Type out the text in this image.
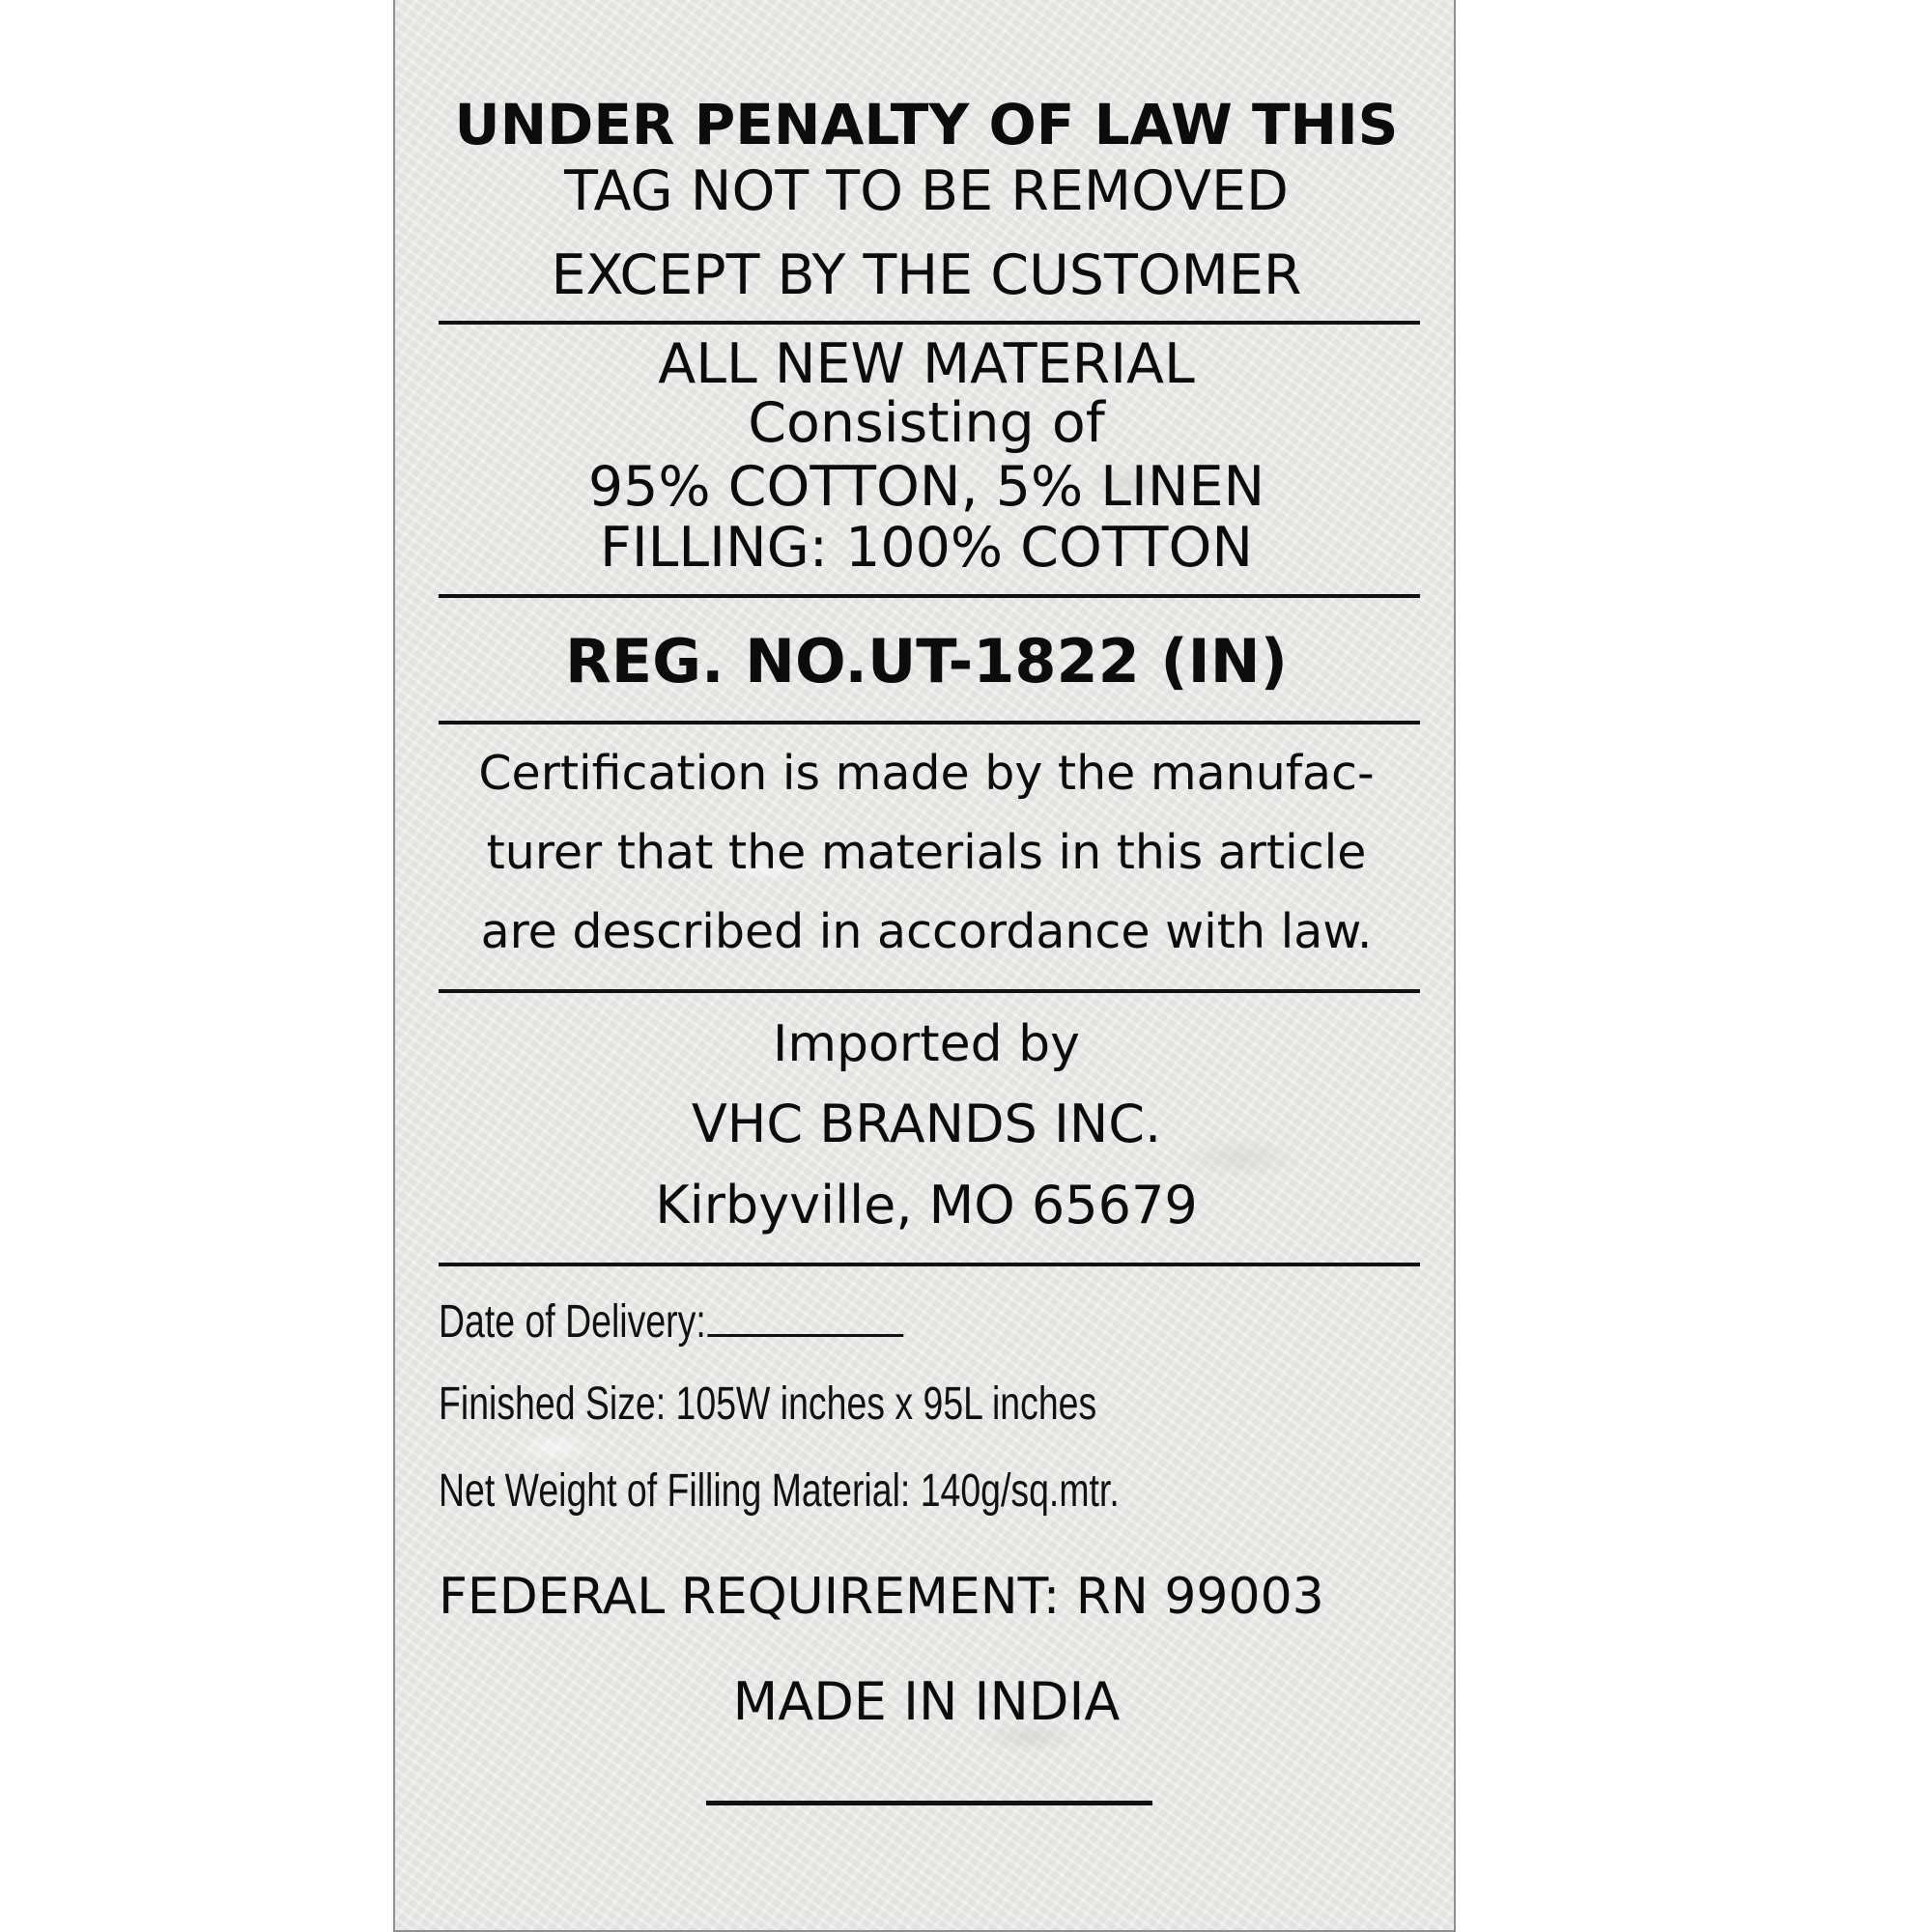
UNDER PENALTY OF LAW THIS
TAG NOT TO BE REMOVED
EXCEPT BY THE CUSTOMER
ALL NEW MATERIAL
Consisting of
95% COTTON, 5% LINEN
FILLING: 100% COTTON
REG. NO.UT-1822 (IN)
Certification is made by the manufac-
turer that the materials in this article
are described in accordance with law.
Imported by
VHC BRANDS INC.
Kirbyville, MO 65679
Date of Delivery:
Finished Size: 105W inches x 95L inches
Net Weight of Filling Material: 140g/sq.mtr.
FEDERAL REQUIREMENT: RN 99003
MADE IN INDIA
